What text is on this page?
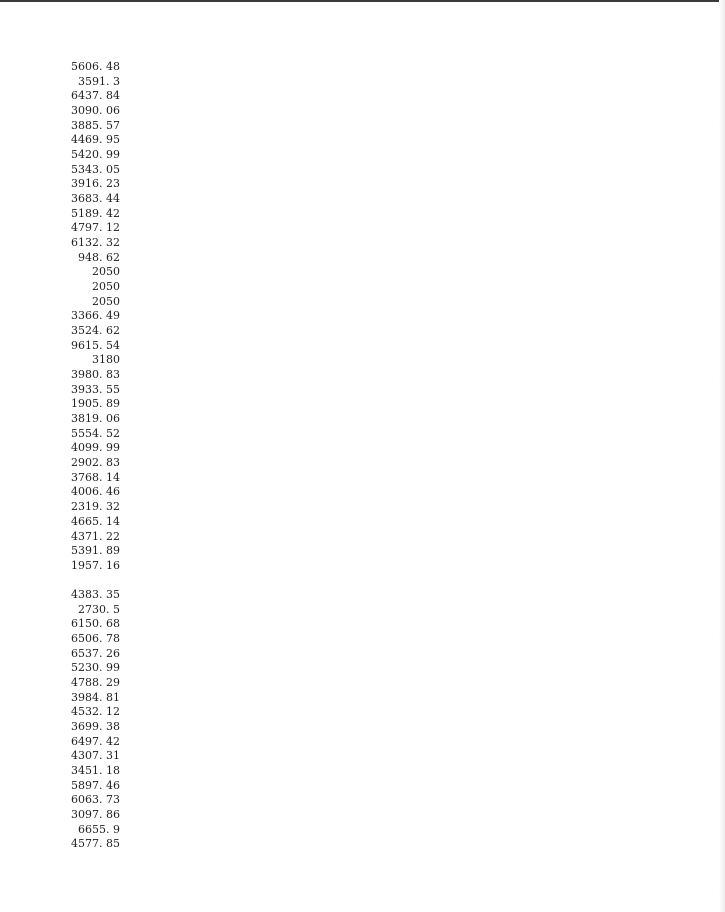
5606. 48
3591. 3
6437. 84
3090. 06
3885. 57
4469. 95
5420. 99
5343. 05
3916. 23
3683. 44
5189. 42
4797. 12
6132. 32
948. 62
2050
2050
2050
3366. 49
3524. 62
9615. 54
3180
3980. 83
3933. 55
1905. 89
3819. 06
5554. 52
4099. 99
2902. 83
3768. 14
4006. 46
2319. 32
4665. 14
4371. 22
5391. 89
1957. 16
4383. 35
2730. 5
6150. 68
6506. 78
6537. 26
5230. 99
4788. 29
3984. 81
4532. 12
3699. 38
6497. 42
4307. 31
3451. 18
5897. 46
6063. 73
3097. 86
6655. 9
4577. 85
